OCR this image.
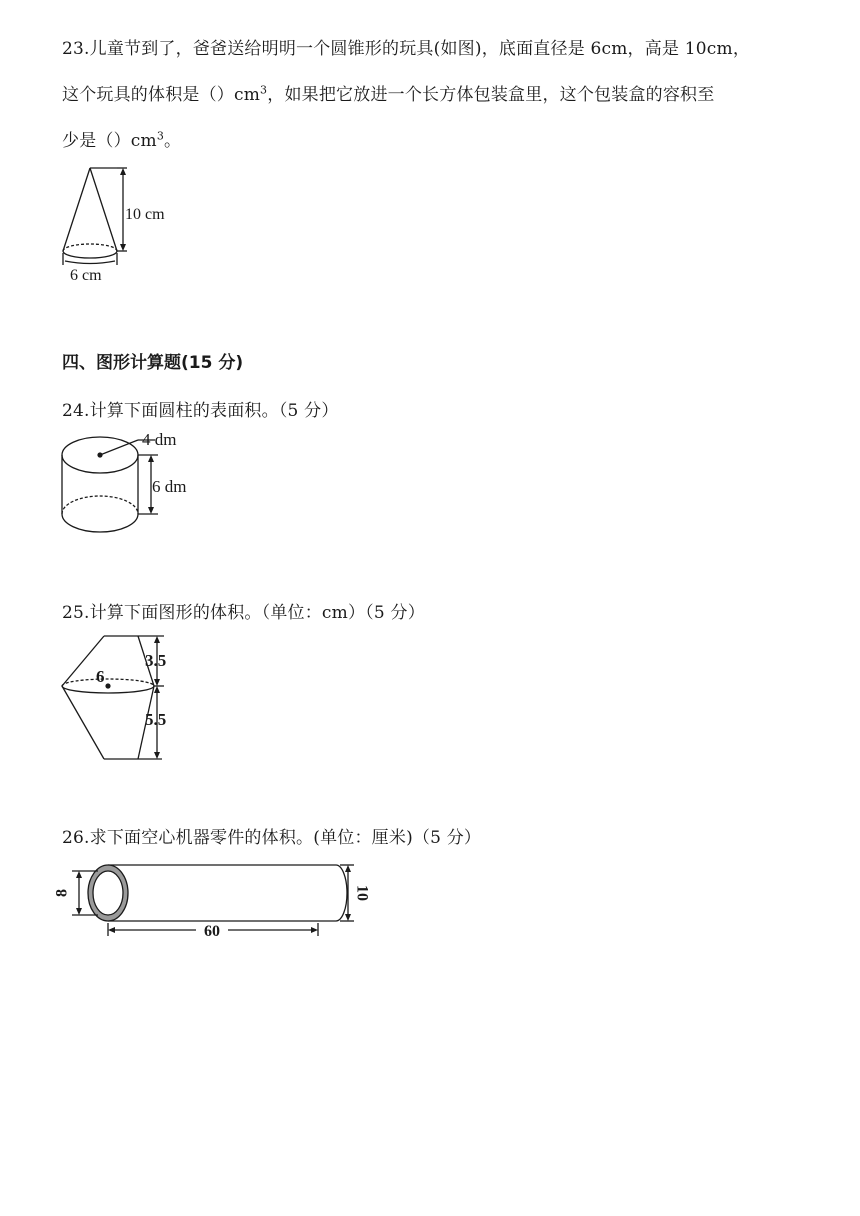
23.儿童节到了，爸爸送给明明一个圆锥形的玩具(如图)，底面直径是 6cm，高是 10cm，
这个玩具的体积是$()cm^3$，如果把它放进一个长方体包装盒里，这个包装盒的容积至
少是$()cm^3$。
10 cm
6 cm
四、图形计算题(15 分)
24.计算下面圆柱的表面积。（5 分）
4 dm
6 dm
25.计算下面图形的体积。（单位：cm）（5 分）
6
3.5
5.5
26.求下面空心机器零件的体积。(单位：厘米)（5 分）
8	10
60
